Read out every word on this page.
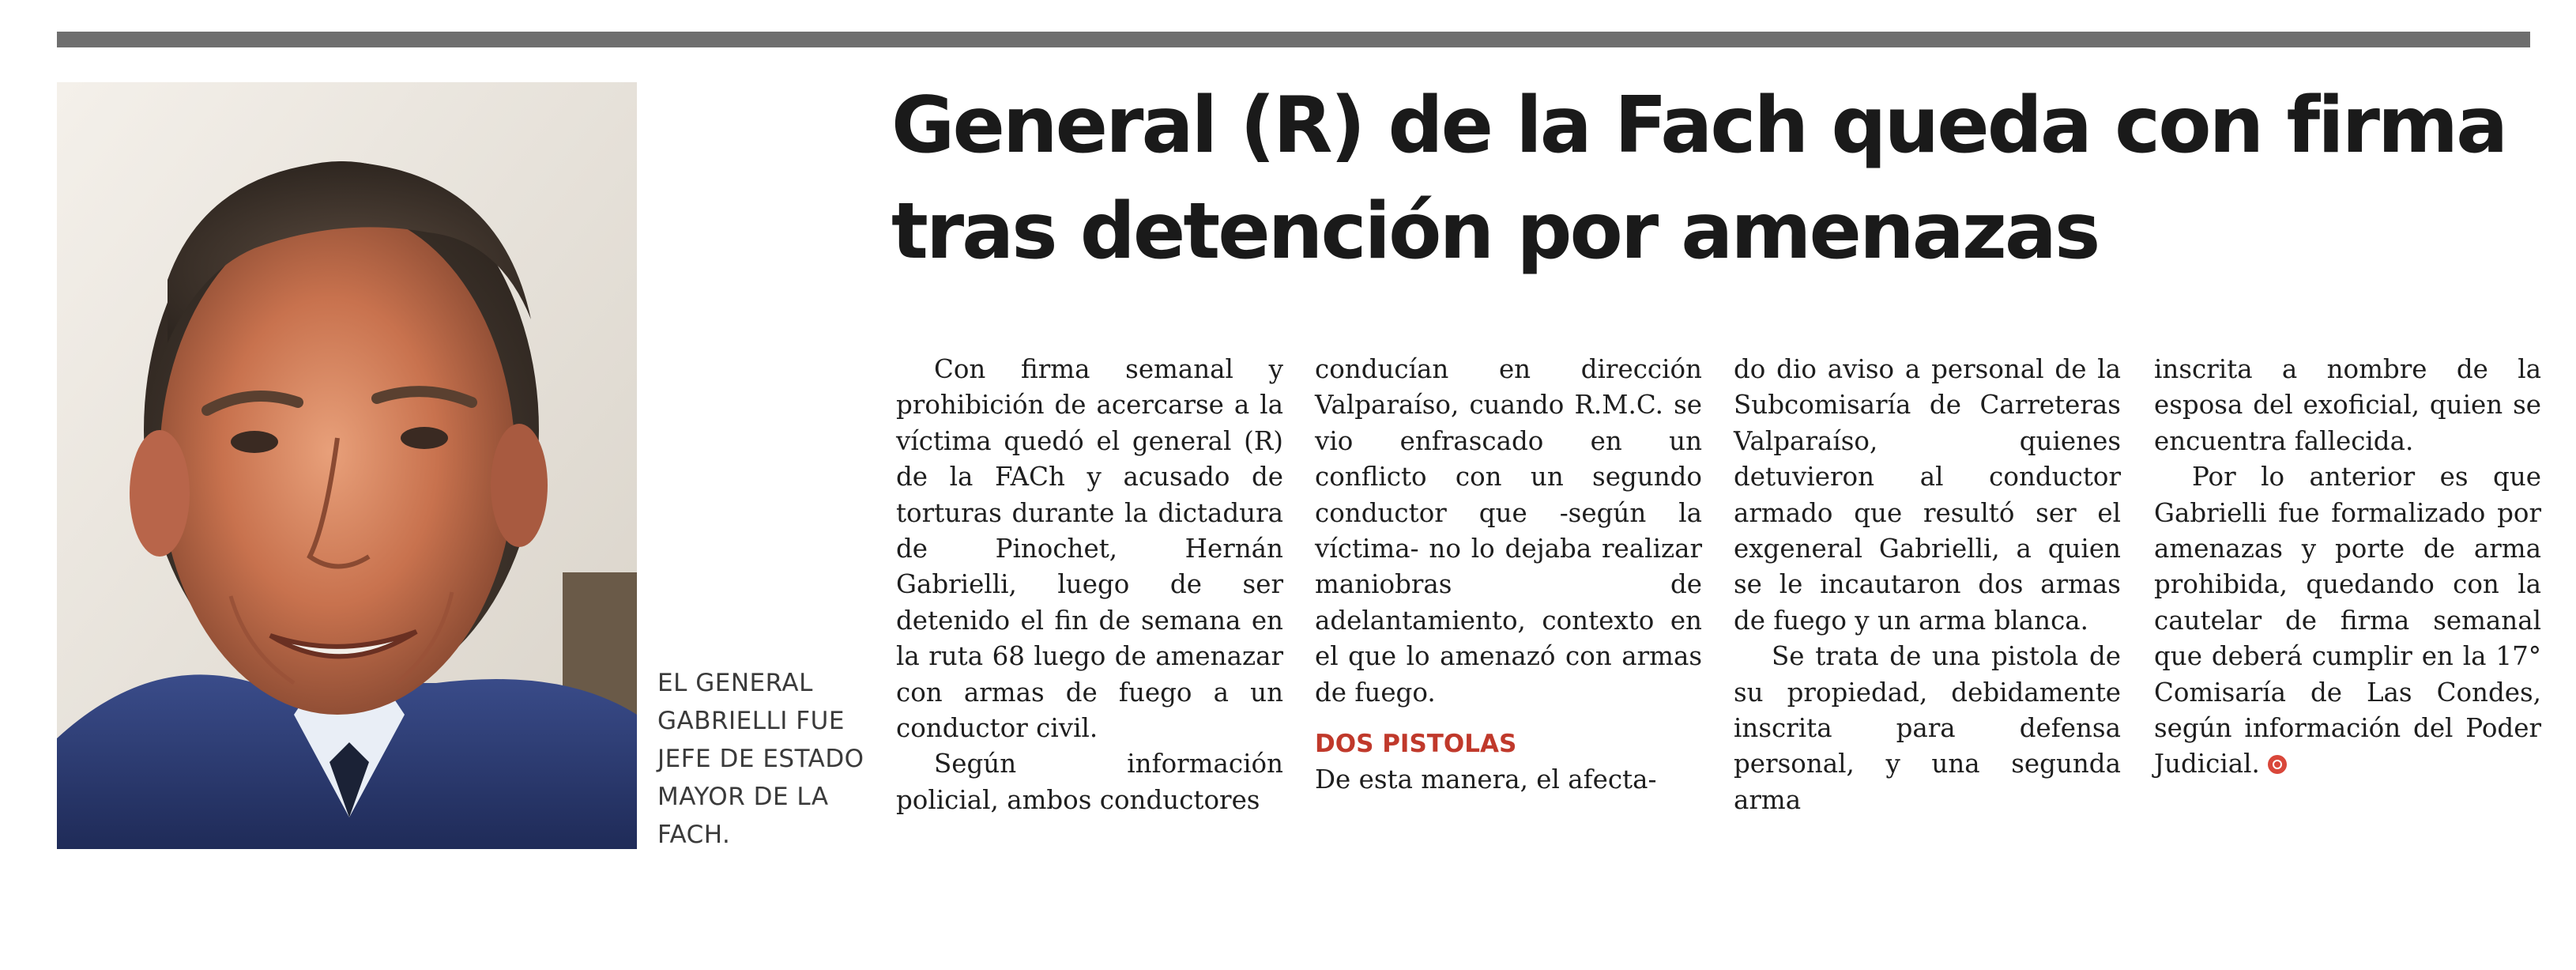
EL GENERAL GABRIELLI FUE JEFE DE ESTADO MAYOR DE LA FACH.
General (R) de la Fach queda con firma tras detención por amenazas

Con firma semanal y prohibición de acercarse a la víctima quedó el general (R) de la FACh y acusado de torturas durante la dictadura de Pinochet, Hernán Gabrielli, luego de ser detenido el fin de semana en la ruta 68 luego de amenazar con armas de fuego a un conductor civil.

Según información policial, ambos conductores

conducían en dirección Valparaíso, cuando R.M.C. se vio enfrascado en un conflicto con un segundo conductor que -según la víctima- no lo dejaba realizar maniobras de adelantamiento, contexto en el que lo amenazó con armas de fuego.

DOS PISTOLAS

De esta manera, el afecta-

do dio aviso a personal de la Subcomisaría de Carreteras Valparaíso, quienes detuvieron al conductor armado que resultó ser el exgeneral Gabrielli, a quien se le incautaron dos armas de fuego y un arma blanca.

Se trata de una pistola de su propiedad, debidamente inscrita para defensa personal, y una segunda arma

inscrita a nombre de la esposa del exoficial, quien se encuentra fallecida.

Por lo anterior es que Gabrielli fue formalizado por amenazas y porte de arma prohibida, quedando con la cautelar de firma semanal que deberá cumplir en la 17° Comisaría de Las Condes, según información del Poder Judicial.
